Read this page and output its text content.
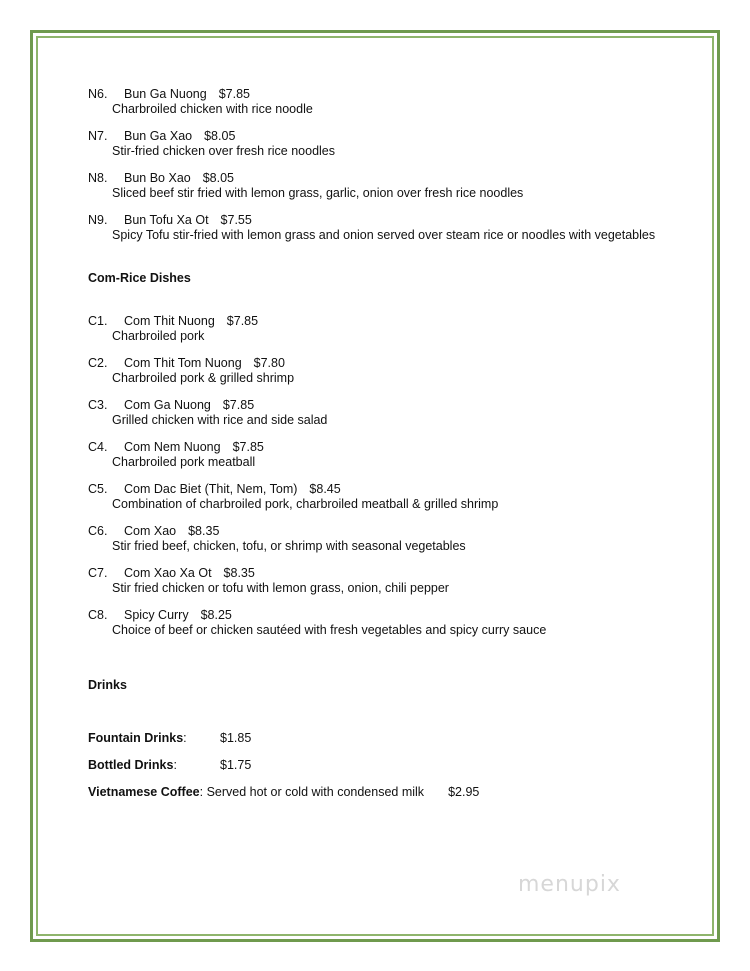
N6. Bun Ga Nuong $7.85
Charbroiled chicken with rice noodle
N7. Bun Ga Xao $8.05
Stir-fried chicken over fresh rice noodles
N8. Bun Bo Xao $8.05
Sliced beef stir fried with lemon grass, garlic, onion over fresh rice noodles
N9. Bun Tofu Xa Ot $7.55
Spicy Tofu stir-fried with lemon grass and onion served over steam rice or noodles with vegetables
Com-Rice Dishes
C1. Com Thit Nuong $7.85
Charbroiled pork
C2. Com Thit Tom Nuong $7.80
Charbroiled pork & grilled shrimp
C3. Com Ga Nuong $7.85
Grilled chicken with rice and side salad
C4. Com Nem Nuong $7.85
Charbroiled pork meatball
C5. Com Dac Biet (Thit, Nem, Tom) $8.45
Combination of charbroiled pork, charbroiled meatball & grilled shrimp
C6. Com Xao $8.35
Stir fried beef, chicken, tofu, or shrimp with seasonal vegetables
C7. Com Xao Xa Ot $8.35
Stir fried chicken or tofu with lemon grass, onion, chili pepper
C8. Spicy Curry $8.25
Choice of beef or chicken sautéed with fresh vegetables and spicy curry sauce
Drinks
Fountain Drinks:	$1.85
Bottled Drinks:	$1.75
Vietnamese Coffee: Served hot or cold with condensed milk $2.95
menupix
